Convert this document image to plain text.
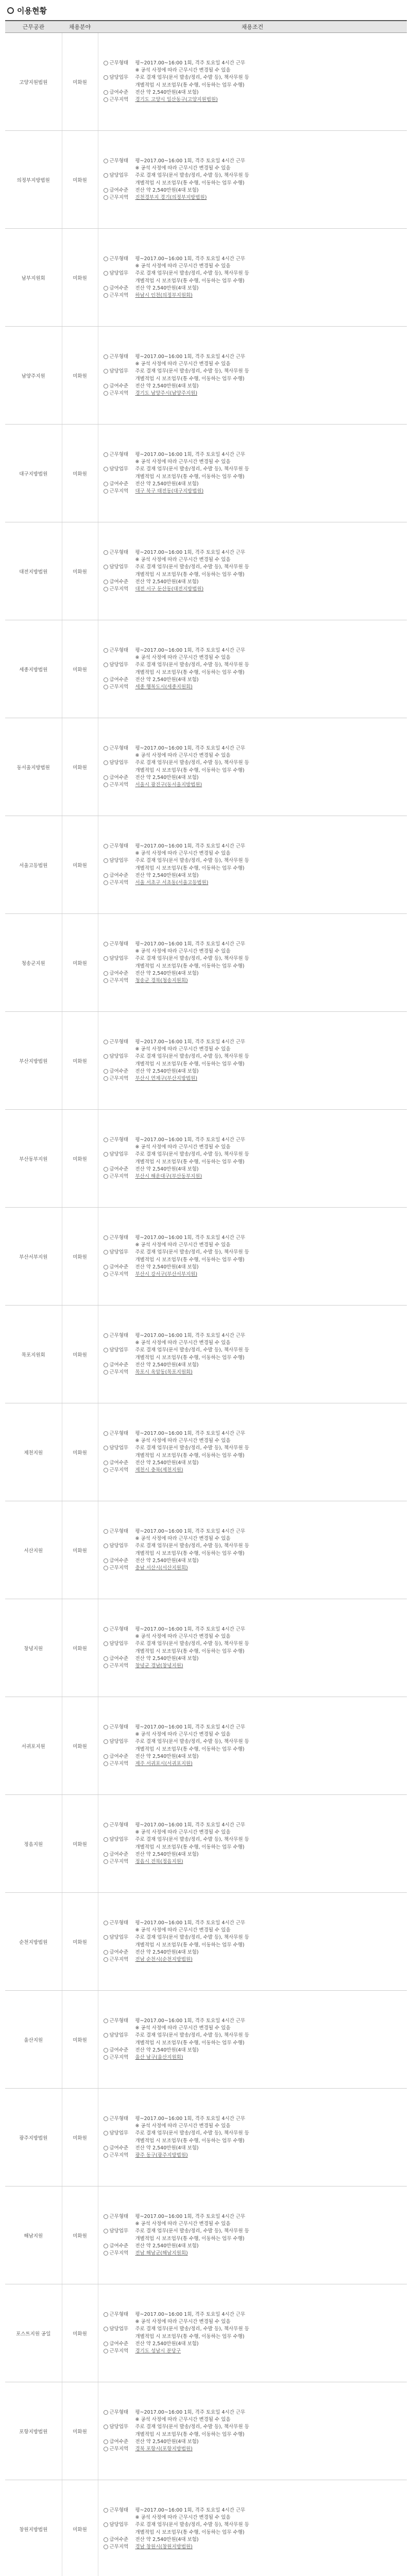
이용현황
근무공관	채용분야	채용조건

고양지원법원	미화원

근무형태	평~2017.00~16:00 1회, 격주 토요일 4시간 근무
※ 공석 사정에 따라 근무시간 변경될 수 있음
담당업무	주로 결재 업무(문서 발송/정리, 수발 등), 책사무원 등
개별적업 시 보조업무(통 수행, 이동하는 업무 수행)
급여수준	전산 약 2,540만원(4대 보험)
근무지역	경기도 고양시 일산동구(고양지원법원)

의정부지방법원	미화원

근무형태	평~2017.00~16:00 1회, 격주 토요일 4시간 근무
※ 공석 사정에 따라 근무시간 변경될 수 있음
담당업무	주로 결재 업무(문서 발송/정리, 수발 등), 책사무원 등
개별적업 시 보조업무(통 수행, 이동하는 업무 수행)
급여수준	전산 약 2,540만원(4대 보험)
근무지역	진천경부지 경기(의정부지방법원)

남부지원회	미화원

근무형태	평~2017.00~16:00 1회, 격주 토요일 4시간 근무
※ 공석 사정에 따라 근무시간 변경될 수 있음
담당업무	주로 결재 업무(문서 발송/정리, 수발 등), 책사무원 등
개별적업 시 보조업무(통 수행, 이동하는 업무 수행)
급여수준	전산 약 2,540만원(4대 보험)
근무지역	하남시 인천(의정부지원회)

남양주지원	미화원

근무형태	평~2017.00~16:00 1회, 격주 토요일 4시간 근무
※ 공석 사정에 따라 근무시간 변경될 수 있음
담당업무	주로 결재 업무(문서 발송/정리, 수발 등), 책사무원 등
개별적업 시 보조업무(통 수행, 이동하는 업무 수행)
급여수준	전산 약 2,540만원(4대 보험)
근무지역	경기도 남양주시(남양주지원)

대구지방법원	미화원

근무형태	평~2017.00~16:00 1회, 격주 토요일 4시간 근무
※ 공석 사정에 따라 근무시간 변경될 수 있음
담당업무	주로 결재 업무(문서 발송/정리, 수발 등), 책사무원 등
개별적업 시 보조업무(통 수행, 이동하는 업무 수행)
급여수준	전산 약 2,540만원(4대 보험)
근무지역	대구 북구 태전동(대구지방법원)

대전지방법원	미화원

근무형태	평~2017.00~16:00 1회, 격주 토요일 4시간 근무
※ 공석 사정에 따라 근무시간 변경될 수 있음
담당업무	주로 결재 업무(문서 발송/정리, 수발 등), 책사무원 등
개별적업 시 보조업무(통 수행, 이동하는 업무 수행)
급여수준	전산 약 2,540만원(4대 보험)
근무지역	대전 서구 둔산동(대전지방법원)

세종지방법원	미화원

근무형태	평~2017.00~16:00 1회, 격주 토요일 4시간 근무
※ 공석 사정에 따라 근무시간 변경될 수 있음
담당업무	주로 결재 업무(문서 발송/정리, 수발 등), 책사무원 등
개별적업 시 보조업무(통 수행, 이동하는 업무 수행)
급여수준	전산 약 2,540만원(4대 보험)
근무지역	세종 행복도시(세종지원회)

동서울지방법원	미화원

근무형태	평~2017.00~16:00 1회, 격주 토요일 4시간 근무
※ 공석 사정에 따라 근무시간 변경될 수 있음
담당업무	주로 결재 업무(문서 발송/정리, 수발 등), 책사무원 등
개별적업 시 보조업무(통 수행, 이동하는 업무 수행)
급여수준	전산 약 2,540만원(4대 보험)
근무지역	서울시 광진구(동서울지방법원)

서울고등법원	미화원

근무형태	평~2017.00~16:00 1회, 격주 토요일 4시간 근무
※ 공석 사정에 따라 근무시간 변경될 수 있음
담당업무	주로 결재 업무(문서 발송/정리, 수발 등), 책사무원 등
개별적업 시 보조업무(통 수행, 이동하는 업무 수행)
급여수준	전산 약 2,540만원(4대 보험)
근무지역	서울 서초구 서초동(서울고등법원)

청송군지원	미화원

근무형태	평~2017.00~16:00 1회, 격주 토요일 4시간 근무
※ 공석 사정에 따라 근무시간 변경될 수 있음
담당업무	주로 결재 업무(문서 발송/정리, 수발 등), 책사무원 등
개별적업 시 보조업무(통 수행, 이동하는 업무 수행)
급여수준	전산 약 2,540만원(4대 보험)
근무지역	청송군 경북(청송지원회)

부산지방법원	미화원

근무형태	평~2017.00~16:00 1회, 격주 토요일 4시간 근무
※ 공석 사정에 따라 근무시간 변경될 수 있음
담당업무	주로 결재 업무(문서 발송/정리, 수발 등), 책사무원 등
개별적업 시 보조업무(통 수행, 이동하는 업무 수행)
급여수준	전산 약 2,540만원(4대 보험)
근무지역	부산시 연제구(부산지방법원)

부산동부지원	미화원

근무형태	평~2017.00~16:00 1회, 격주 토요일 4시간 근무
※ 공석 사정에 따라 근무시간 변경될 수 있음
담당업무	주로 결재 업무(문서 발송/정리, 수발 등), 책사무원 등
개별적업 시 보조업무(통 수행, 이동하는 업무 수행)
급여수준	전산 약 2,540만원(4대 보험)
근무지역	부산시 해운대구(부산동부지원)

부산서부지원	미화원

근무형태	평~2017.00~16:00 1회, 격주 토요일 4시간 근무
※ 공석 사정에 따라 근무시간 변경될 수 있음
담당업무	주로 결재 업무(문서 발송/정리, 수발 등), 책사무원 등
개별적업 시 보조업무(통 수행, 이동하는 업무 수행)
급여수준	전산 약 2,540만원(4대 보험)
근무지역	부산시 강서구(부산서부지원)

목포지원회	미화원

근무형태	평~2017.00~16:00 1회, 격주 토요일 4시간 근무
※ 공석 사정에 따라 근무시간 변경될 수 있음
담당업무	주로 결재 업무(문서 발송/정리, 수발 등), 책사무원 등
개별적업 시 보조업무(통 수행, 이동하는 업무 수행)
급여수준	전산 약 2,540만원(4대 보험)
근무지역	목포시 옥암동(목포지원회)

제천지원	미화원

근무형태	평~2017.00~16:00 1회, 격주 토요일 4시간 근무
※ 공석 사정에 따라 근무시간 변경될 수 있음
담당업무	주로 결재 업무(문서 발송/정리, 수발 등), 책사무원 등
개별적업 시 보조업무(통 수행, 이동하는 업무 수행)
급여수준	전산 약 2,540만원(4대 보험)
근무지역	제천시 충북(제천지원)

서산지원	미화원

근무형태	평~2017.00~16:00 1회, 격주 토요일 4시간 근무
※ 공석 사정에 따라 근무시간 변경될 수 있음
담당업무	주로 결재 업무(문서 발송/정리, 수발 등), 책사무원 등
개별적업 시 보조업무(통 수행, 이동하는 업무 수행)
급여수준	전산 약 2,540만원(4대 보험)
근무지역	충남 서산시(서산지원회)

창녕지원	미화원

근무형태	평~2017.00~16:00 1회, 격주 토요일 4시간 근무
※ 공석 사정에 따라 근무시간 변경될 수 있음
담당업무	주로 결재 업무(문서 발송/정리, 수발 등), 책사무원 등
개별적업 시 보조업무(통 수행, 이동하는 업무 수행)
급여수준	전산 약 2,540만원(4대 보험)
근무지역	창녕군 경남(창녕지원)

서귀포지원	미화원

근무형태	평~2017.00~16:00 1회, 격주 토요일 4시간 근무
※ 공석 사정에 따라 근무시간 변경될 수 있음
담당업무	주로 결재 업무(문서 발송/정리, 수발 등), 책사무원 등
개별적업 시 보조업무(통 수행, 이동하는 업무 수행)
급여수준	전산 약 2,540만원(4대 보험)
근무지역	제주 서귀포시(서귀포지원)

정읍지원	미화원

근무형태	평~2017.00~16:00 1회, 격주 토요일 4시간 근무
※ 공석 사정에 따라 근무시간 변경될 수 있음
담당업무	주로 결재 업무(문서 발송/정리, 수발 등), 책사무원 등
개별적업 시 보조업무(통 수행, 이동하는 업무 수행)
급여수준	전산 약 2,540만원(4대 보험)
근무지역	정읍시 전북(정읍지원)

순천지방법원	미화원

근무형태	평~2017.00~16:00 1회, 격주 토요일 4시간 근무
※ 공석 사정에 따라 근무시간 변경될 수 있음
담당업무	주로 결재 업무(문서 발송/정리, 수발 등), 책사무원 등
개별적업 시 보조업무(통 수행, 이동하는 업무 수행)
급여수준	전산 약 2,540만원(4대 보험)
근무지역	전남 순천시(순천지방법원)

울산지원	미화원

근무형태	평~2017.00~16:00 1회, 격주 토요일 4시간 근무
※ 공석 사정에 따라 근무시간 변경될 수 있음
담당업무	주로 결재 업무(문서 발송/정리, 수발 등), 책사무원 등
개별적업 시 보조업무(통 수행, 이동하는 업무 수행)
급여수준	전산 약 2,540만원(4대 보험)
근무지역	울산 남구(울산지원회)

광주지방법원	미화원

근무형태	평~2017.00~16:00 1회, 격주 토요일 4시간 근무
※ 공석 사정에 따라 근무시간 변경될 수 있음
담당업무	주로 결재 업무(문서 발송/정리, 수발 등), 책사무원 등
개별적업 시 보조업무(통 수행, 이동하는 업무 수행)
급여수준	전산 약 2,540만원(4대 보험)
근무지역	광주 동구(광주지방법원)

해남지원	미화원

근무형태	평~2017.00~16:00 1회, 격주 토요일 4시간 근무
※ 공석 사정에 따라 근무시간 변경될 수 있음
담당업무	주로 결재 업무(문서 발송/정리, 수발 등), 책사무원 등
개별적업 시 보조업무(통 수행, 이동하는 업무 수행)
급여수준	전산 약 2,540만원(4대 보험)
근무지역	전남 해남군(해남지원회)

포스트지원 공일	미화원

근무형태	평~2017.00~16:00 1회, 격주 토요일 4시간 근무
※ 공석 사정에 따라 근무시간 변경될 수 있음
담당업무	주로 결재 업무(문서 발송/정리, 수발 등), 책사무원 등
개별적업 시 보조업무(통 수행, 이동하는 업무 수행)
급여수준	전산 약 2,540만원(4대 보험)
근무지역	경기도 성남시 분당구

포항지방법원	미화원

근무형태	평~2017.00~16:00 1회, 격주 토요일 4시간 근무
※ 공석 사정에 따라 근무시간 변경될 수 있음
담당업무	주로 결재 업무(문서 발송/정리, 수발 등), 책사무원 등
개별적업 시 보조업무(통 수행, 이동하는 업무 수행)
급여수준	전산 약 2,540만원(4대 보험)
근무지역	경북 포항시(포항지방법원)

창원지방법원	미화원

근무형태	평~2017.00~16:00 1회, 격주 토요일 4시간 근무
※ 공석 사정에 따라 근무시간 변경될 수 있음
담당업무	주로 결재 업무(문서 발송/정리, 수발 등), 책사무원 등
개별적업 시 보조업무(통 수행, 이동하는 업무 수행)
급여수준	전산 약 2,540만원(4대 보험)
근무지역	경남 창원시(창원지방법원)
